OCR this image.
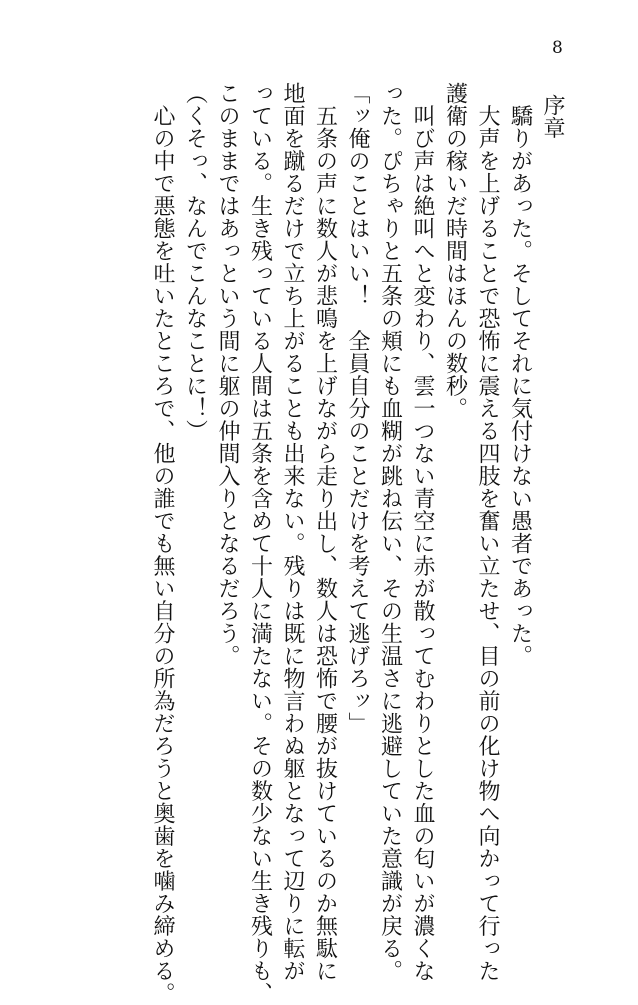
8
序章
　驕りがあった。そしてそれに気付けない愚者であった。
　大声を上げることで恐怖に震える四肢を奮い立たせ、目の前の化け物へ向かって行った
護衛の稼いだ時間はほんの数秒。
　叫び声は絶叫へと変わり、雲一つない青空に赤が散ってむわりとした血の匂いが濃くな
った。ぴちゃりと五条の頬にも血糊が跳ね伝い、その生温さに逃避していた意識が戻る。
「ッ俺のことはいい！　全員自分のことだけを考えて逃げろッ」
　五条の声に数人が悲鳴を上げながら走り出し、数人は恐怖で腰が抜けているのか無駄に
地面を蹴るだけで立ち上がることも出来ない。残りは既に物言わぬ躯となって辺りに転が
っている。生き残っている人間は五条を含めて十人に満たない。その数少ない生き残りも、
このままではあっという間に躯の仲間入りとなるだろう。
（くそっ、なんでこんなことに！）
　心の中で悪態を吐いたところで、他の誰でも無い自分の所為だろうと奥歯を噛み締める。
